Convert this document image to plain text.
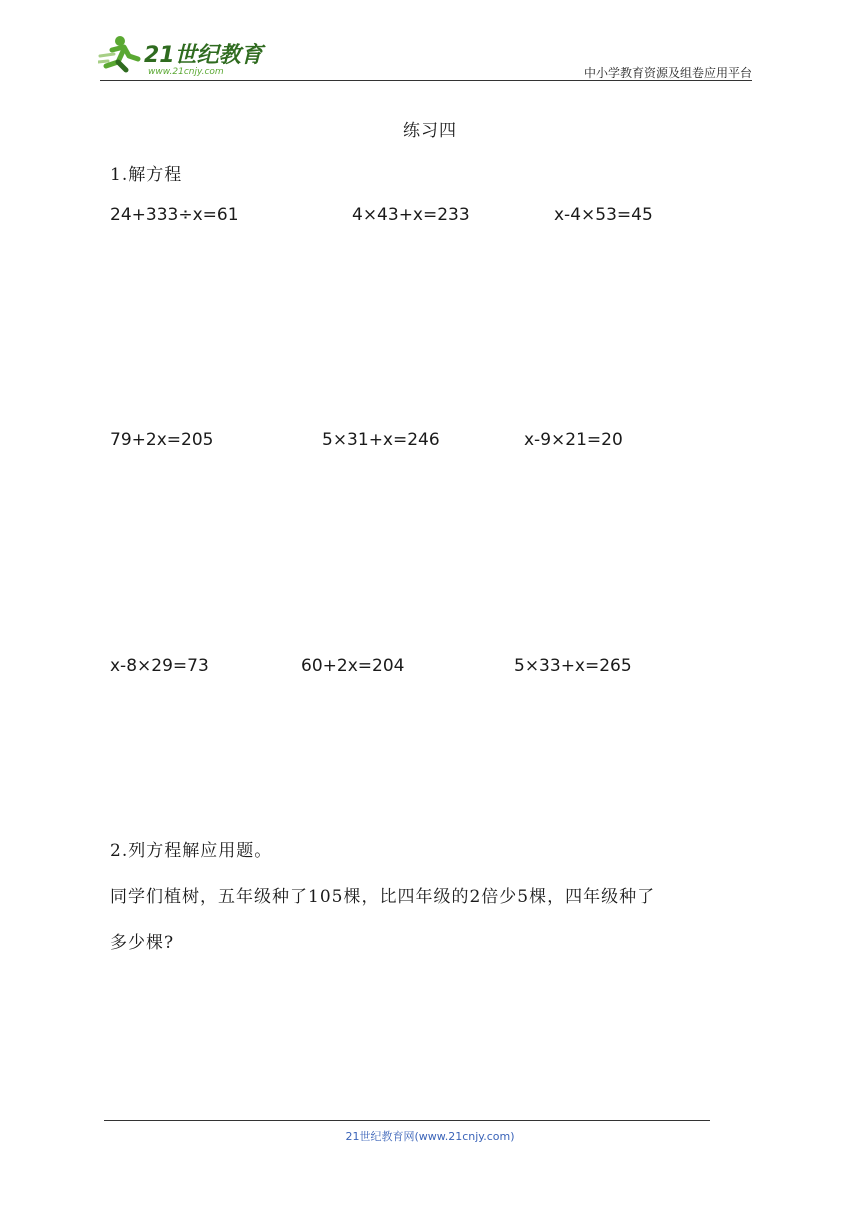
21世纪教育
www.21cnjy.com	中小学教育资源及组卷应用平台
练习四
1.解方程
24+333÷x=61	4×43+x=233	x-4×53=45
79+2x=205	5×31+x=246	x-9×21=20
x-8×29=73	60+2x=204	5×33+x=265
2.列方程解应用题。
同学们植树，五年级种了105棵，比四年级的2倍少5棵，四年级种了
多少棵?
21世纪教育网(www.21cnjy.com)
